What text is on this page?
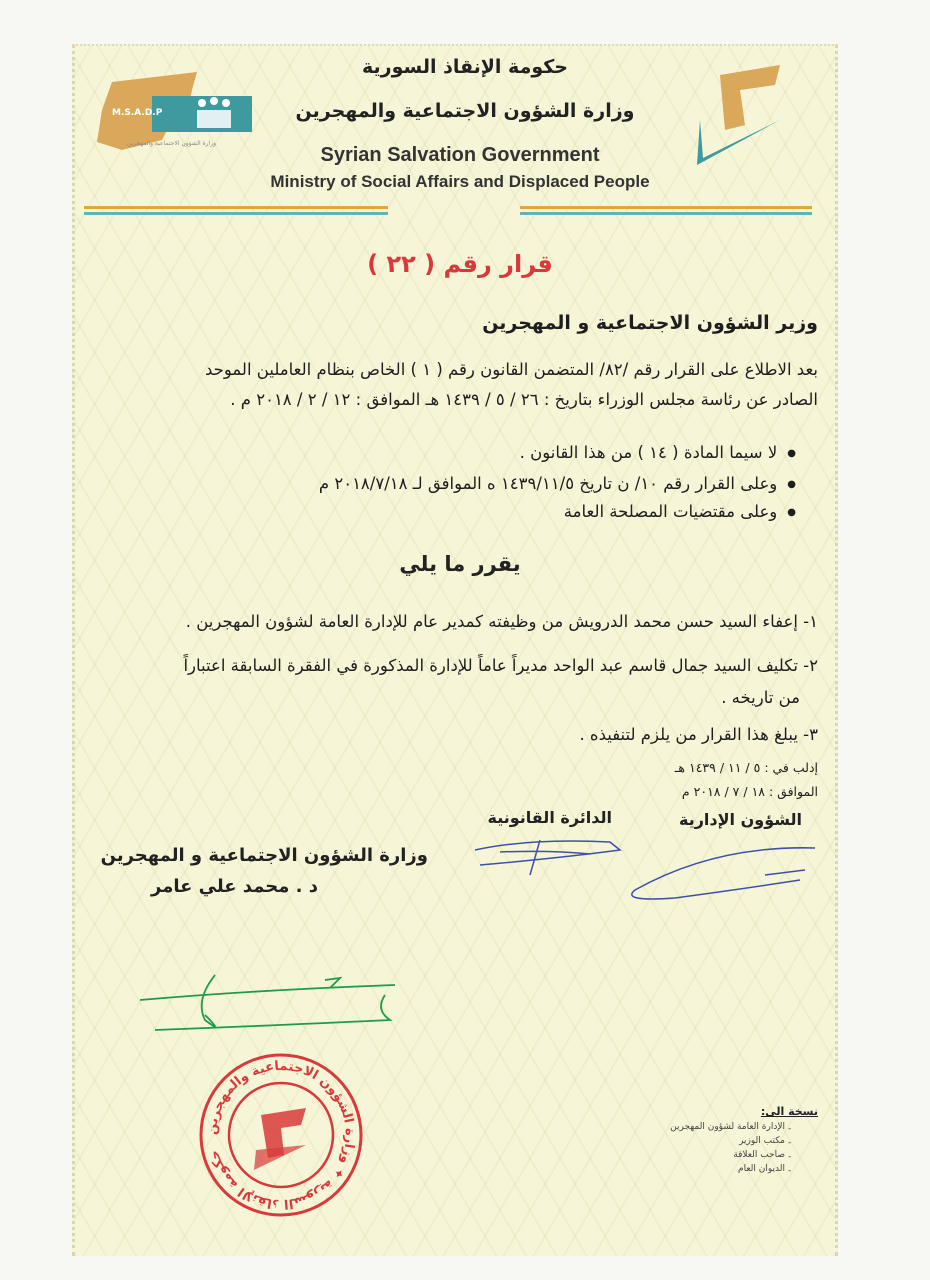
M.S.A.D.P
وزارة الشؤون الاجتماعية والمهجرين
حكومة الإنقاذ السورية
وزارة الشؤون الاجتماعية والمهجرين
Syrian Salvation Government
Ministry of Social Affairs and Displaced People
قرار رقم ( ٢٢ )
وزير الشؤون الاجتماعية و المهجرين
بعد الاطلاع على القرار رقم /٨٢/ المتضمن القانون رقم ( ١ ) الخاص بنظام العاملين الموحد
الصادر عن رئاسة مجلس الوزراء بتاريخ : ٢٦ / ٥ / ١٤٣٩ هـ الموافق : ١٢ / ٢ / ٢٠١٨ م .
● لا سيما المادة ( ١٤ ) من هذا القانون .
● وعلى القرار رقم ١٠/ ن تاريخ ١٤٣٩/١١/٥ ه الموافق لـ ٢٠١٨/٧/١٨ م
● وعلى مقتضيات المصلحة العامة
يقرر ما يلي
١- إعفاء السيد حسن محمد الدرويش من وظيفته كمدير عام للإدارة العامة لشؤون المهجرين .
٢- تكليف السيد جمال قاسم عبد الواحد مديراً عاماً للإدارة المذكورة في الفقرة السابقة اعتباراً
من تاريخه .
٣- يبلغ هذا القرار من يلزم لتنفيذه .
إدلب في : ٥ / ١١ / ١٤٣٩ هـ
الموافق : ١٨ / ٧ / ٢٠١٨ م
الشؤون الإدارية
الدائرة القانونية
وزارة الشؤون الاجتماعية و المهجرين
د . محمد علي عامر
حكومة الإنقاذ السورية ✦ وزارة الشؤون الاجتماعية والمهجرين
نسخة الى:
الإدارة العامة لشؤون المهجرين
مكتب الوزير
صاحب العلاقة
الديوان العام
-
-
-
-
